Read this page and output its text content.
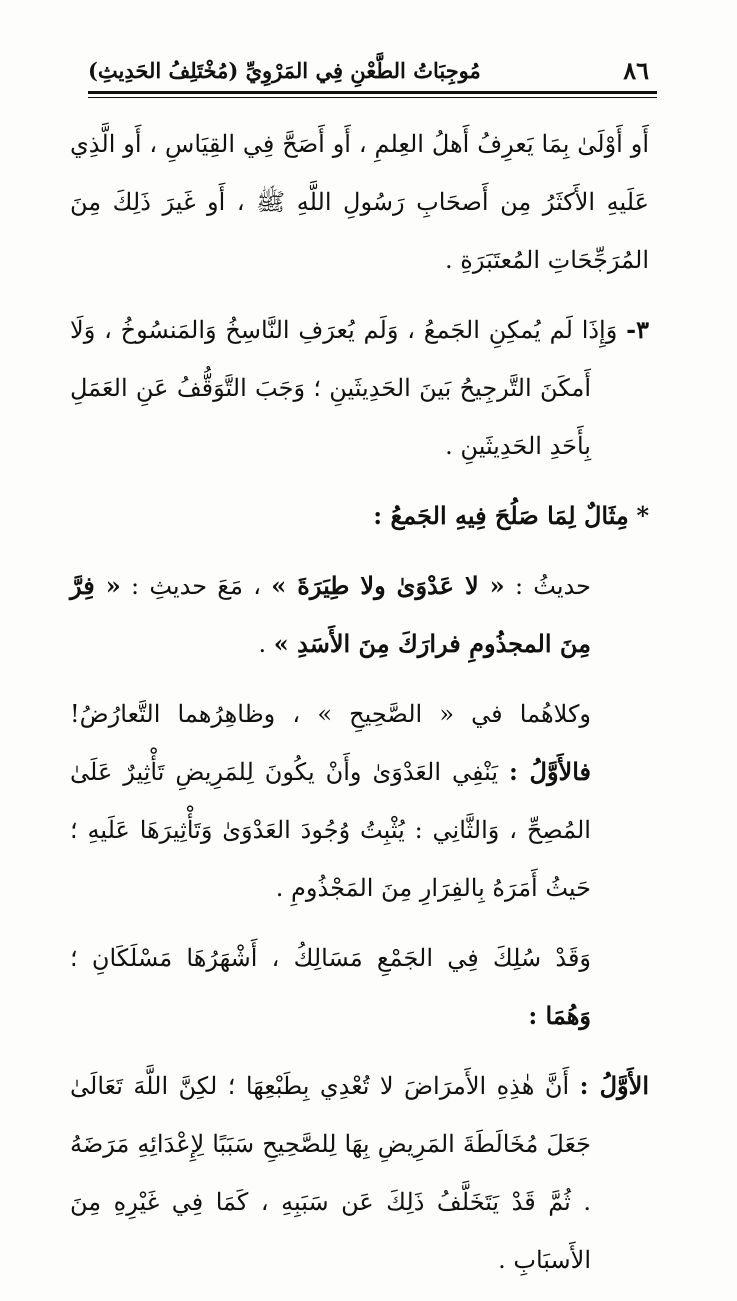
٨٦
مُوجِبَاتُ الطَّعْنِ فِي المَرْوِيِّ (مُخْتَلِفُ الحَدِيثِ)

أَو أَوْلَىٰ بِمَا يَعرِفُ أَهلُ العِلمِ ، أَو أَصَحَّ فِي القِيَاسِ ، أَو الَّذِي عَلَيهِ الأَكثَرُ مِن أَصحَابِ رَسُولِ اللَّهِ ﷺ ، أَو غَيرَ ذَلِكَ مِنَ المُرَجِّحَاتِ المُعتَبَرَةِ .

٣- وَإِذَا لَم يُمكِنِ الجَمعُ ، وَلَم يُعرَفِ النَّاسِخُ وَالمَنسُوخُ ، وَلَا أَمكَنَ التَّرجِيحُ بَينَ الحَدِيثَينِ ؛ وَجَبَ التَّوَقُّفُ عَنِ العَمَلِ بِأَحَدِ الحَدِيثَينِ .

* مِثَالٌ لِمَا صَلُحَ فِيهِ الجَمعُ :

حديثُ : « لا عَدْوَىٰ ولا طِيَرَةَ » ، مَعَ حديثِ : « فِرَّ مِنَ المجذُومِ فرارَكَ مِنَ الأَسَدِ » .

وكلاهُما في « الصَّحِيحِ » ، وظاهِرُهما التَّعارُضُ! فالأَوَّلُ : يَنْفِي العَدْوَىٰ وأَنْ يكُونَ لِلمَرِيضِ تَأْثِيرٌ عَلَىٰ المُصِحِّ ، وَالثَّانِي : يُثْبِتُ وُجُودَ العَدْوَىٰ وَتَأْثِيرَهَا عَلَيهِ ؛ حَيثُ أَمَرَهُ بِالفِرَارِ مِنَ المَجْذُومِ .

وَقَدْ سُلِكَ فِي الجَمْعِ مَسَالِكُ ، أَشْهَرُهَا مَسْلَكَانِ ؛ وَهُمَا :

الأَوَّلُ : أَنَّ هٰذِهِ الأَمرَاضَ لا تُعْدِي بِطَبْعِهَا ؛ لكِنَّ اللَّهَ تَعَالَىٰ جَعَلَ مُخَالَطَةَ المَرِيضِ بِهَا لِلصَّحِيحِ سَبَبًا لِإِعْدَائِهِ مَرَضَهُ . ثُمَّ قَدْ يَتَخَلَّفُ ذَلِكَ عَن سَبَبِهِ ، كَمَا فِي غَيْرِهِ مِنَ الأَسبَابِ .
